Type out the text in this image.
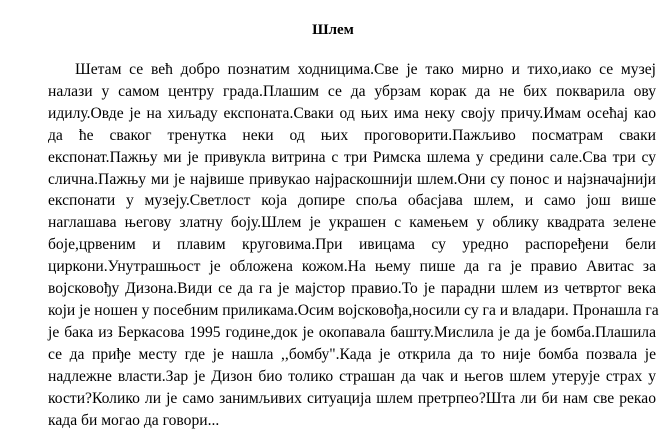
Шлем
Шетам се већ добро познатим ходницима.Све је тако мирно и тихо,иако се музеј
налази у самом центру града.Плашим се да убрзам корак да не бих покварила ову
идилу.Овде је на хиљаду експоната.Сваки од њих има неку своју причу.Имам осећај као
да ће сваког тренутка неки од њих проговорити.Пажљиво посматрам сваки
експонат.Пажњу ми је привукла витрина с три Римска шлема у средини сале.Сва три су
слична.Пажњу ми је највише привукао најраскошнији шлем.Они су понос и најзначајнији
експонати у музеју.Светлост која допире споља обасјава шлем, и само још више
наглашава његову златну боју.Шлем је украшен с камењем у облику квадрата зелене
боје,црвеним и плавим круговима.При ивицама су уредно распоређени бели
циркони.Унутрашњост је обложена кожом.На њему пише да га је правио Авитас за
војсковођу Дизона.Види се да га је мајстор правио.То је парадни шлем из четвртог века
који је ношен у посебним приликама.Осим војсковођа,носили су га и владари. Пронашла га
је бака из Беркасова 1995 године,док је окопавала башту.Мислила је да је бомба.Плашила
се да приђе месту где је нашла ,,бомбу".Када је открила да то није бомба позвала је
надлежне власти.Зар је Дизон био толико страшан да чак и његов шлем утерује страх у
кости?Колико ли је само занимљивих ситуација шлем претрпео?Шта ли би нам све рекао
када би могао да говори...
